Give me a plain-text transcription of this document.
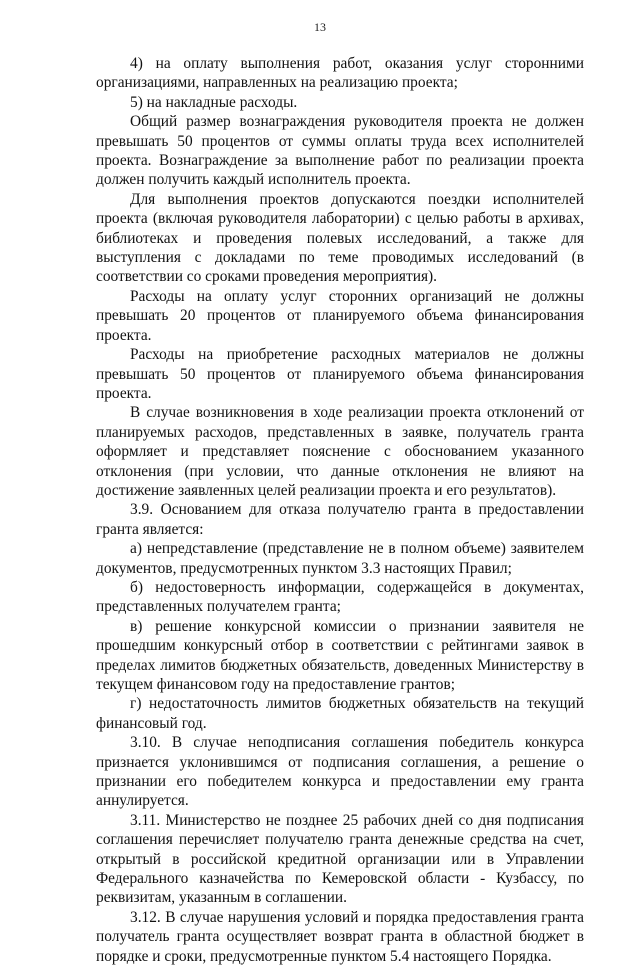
13

4) на оплату выполнения работ, оказания услуг сторонними организациями, направленных на реализацию проекта;

5) на накладные расходы.

Общий размер вознаграждения руководителя проекта не должен превышать 50 процентов от суммы оплаты труда всех исполнителей проекта. Вознаграждение за выполнение работ по реализации проекта должен получить каждый исполнитель проекта.

Для выполнения проектов допускаются поездки исполнителей проекта (включая руководителя лаборатории) с целью работы в архивах, библиотеках и проведения полевых исследований, а также для выступления с докладами по теме проводимых исследований (в соответствии со сроками проведения мероприятия).

Расходы на оплату услуг сторонних организаций не должны превышать 20 процентов от планируемого объема финансирования проекта.

Расходы на приобретение расходных материалов не должны превышать 50 процентов от планируемого объема финансирования проекта.

В случае возникновения в ходе реализации проекта отклонений от планируемых расходов, представленных в заявке, получатель гранта оформляет и представляет пояснение с обоснованием указанного отклонения (при условии, что данные отклонения не влияют на достижение заявленных целей реализации проекта и его результатов).

3.9. Основанием для отказа получателю гранта в предоставлении гранта является:

а) непредставление (представление не в полном объеме) заявителем документов, предусмотренных пунктом 3.3 настоящих Правил;

б) недостоверность информации, содержащейся в документах, представленных получателем гранта;

в) решение конкурсной комиссии о признании заявителя не прошедшим конкурсный отбор в соответствии с рейтингами заявок в пределах лимитов бюджетных обязательств, доведенных Министерству в текущем финансовом году на предоставление грантов;

г) недостаточность лимитов бюджетных обязательств на текущий финансовый год.

3.10. В случае неподписания соглашения победитель конкурса признается уклонившимся от подписания соглашения, а решение о признании его победителем конкурса и предоставлении ему гранта аннулируется.

3.11. Министерство не позднее 25 рабочих дней со дня подписания соглашения перечисляет получателю гранта денежные средства на счет, открытый в российской кредитной организации или в Управлении Федерального казначейства по Кемеровской области - Кузбассу, по реквизитам, указанным в соглашении.

3.12. В случае нарушения условий и порядка предоставления гранта получатель гранта осуществляет возврат гранта в областной бюджет в порядке и сроки, предусмотренные пунктом 5.4 настоящего Порядка.
